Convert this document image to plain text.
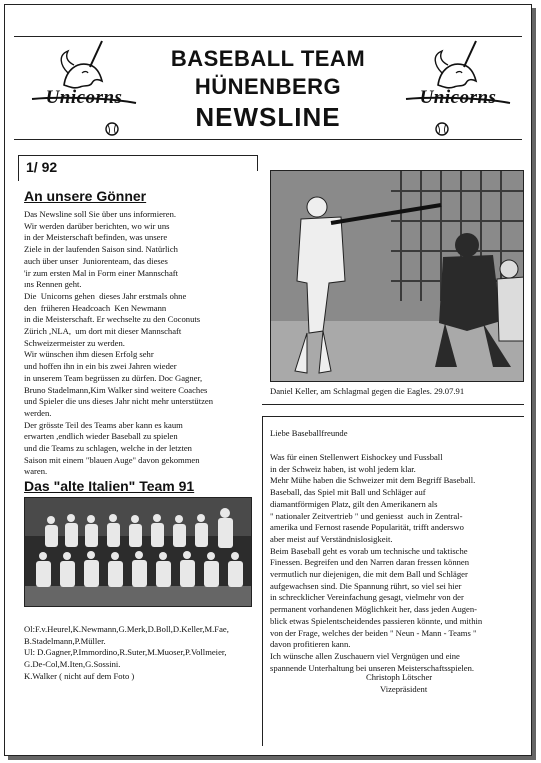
Unicorns
BASEBALL TEAM
HÜNENBERG
NEWSLINE
Unicorns
1/ 92
An unsere Gönner
Das Newsline soll Sie über uns informieren.
Wir werden darüber berichten, wo wir uns
in der Meisterschaft befinden, was unsere
Ziele in der laufenden Saison sind. Natürlich
auch über unser  Juniorenteam, das dieses
'ir zum ersten Mal in Form einer Mannschaft
ıns Rennen geht.
Die  Unicorns gehen  dieses Jahr erstmals ohne
den  früheren Headcoach  Ken Newmann
in die Meisterschaft. Er wechselte zu den Coconuts
Zürich ,NLA,  um dort mit dieser Mannschaft
Schweizermeister zu werden.
Wir wünschen ihm diesen Erfolg sehr
und hoffen ihn in ein bis zwei Jahren wieder
in unserem Team begrüssen zu dürfen. Doc Gagner,
Bruno Stadelmann,Kim Walker sind weitere Coaches
und Spieler die uns dieses Jahr nicht mehr unterstützen
werden.
Der grösste Teil des Teams aber kann es kaum
erwarten ,endlich wieder Baseball zu spielen
und die Teams zu schlagen, welche in der letzten
Saison mit einem "blauen Auge" davon gekommen
waren.
Das "alte Italien" Team 91
Ol:F.v.Heurel,K.Newmann,G.Merk,D.Boll,D.Keller,M.Fae,
B.Stadelmann,P.Müller.
Ul: D.Gagner,P.Immordino,R.Suter,M.Muoser,P.Vollmeier,
G.De-Col,M.Iten,G.Sossini.
K.Walker ( nicht auf dem Foto )
Daniel Keller, am Schlagmal gegen die Eagles. 29.07.91
Liebe Baseballfreunde
Was für einen Stellenwert Eishockey und Fussball
in der Schweiz haben, ist wohl jedem klar.
Mehr Mühe haben die Schweizer mit dem Begriff Baseball.
Baseball, das Spiel mit Ball und Schläger auf
diamantförmigen Platz, gilt den Amerikanern als
" nationaler Zeitvertrieb " und geniesst  auch in Zentral-
amerika und Fernost rasende Popularität, trifft anderswo
aber meist auf Verständnislosigkeit.
Beim Baseball geht es vorab um technische und taktische
Finessen. Begreifen und den Narren daran fressen können
vermutlich nur diejenigen, die mit dem Ball und Schläger
aufgewachsen sind. Die Spannung rührt, so viel sei hier
in schrecklicher Vereinfachung gesagt, vielmehr von der
permanent vorhandenen Möglichkeit her, dass jeden Augen-
blick etwas Spielentscheidendes passieren könnte, und mithin
von der Frage, welches der beiden " Neun - Mann - Teams "
davon profitieren kann.
Ich wünsche allen Zuschauern viel Vergnügen und eine
spannende Unterhaltung bei unseren Meisterschaftsspielen.
Christoph Lötscher
Vizepräsident
